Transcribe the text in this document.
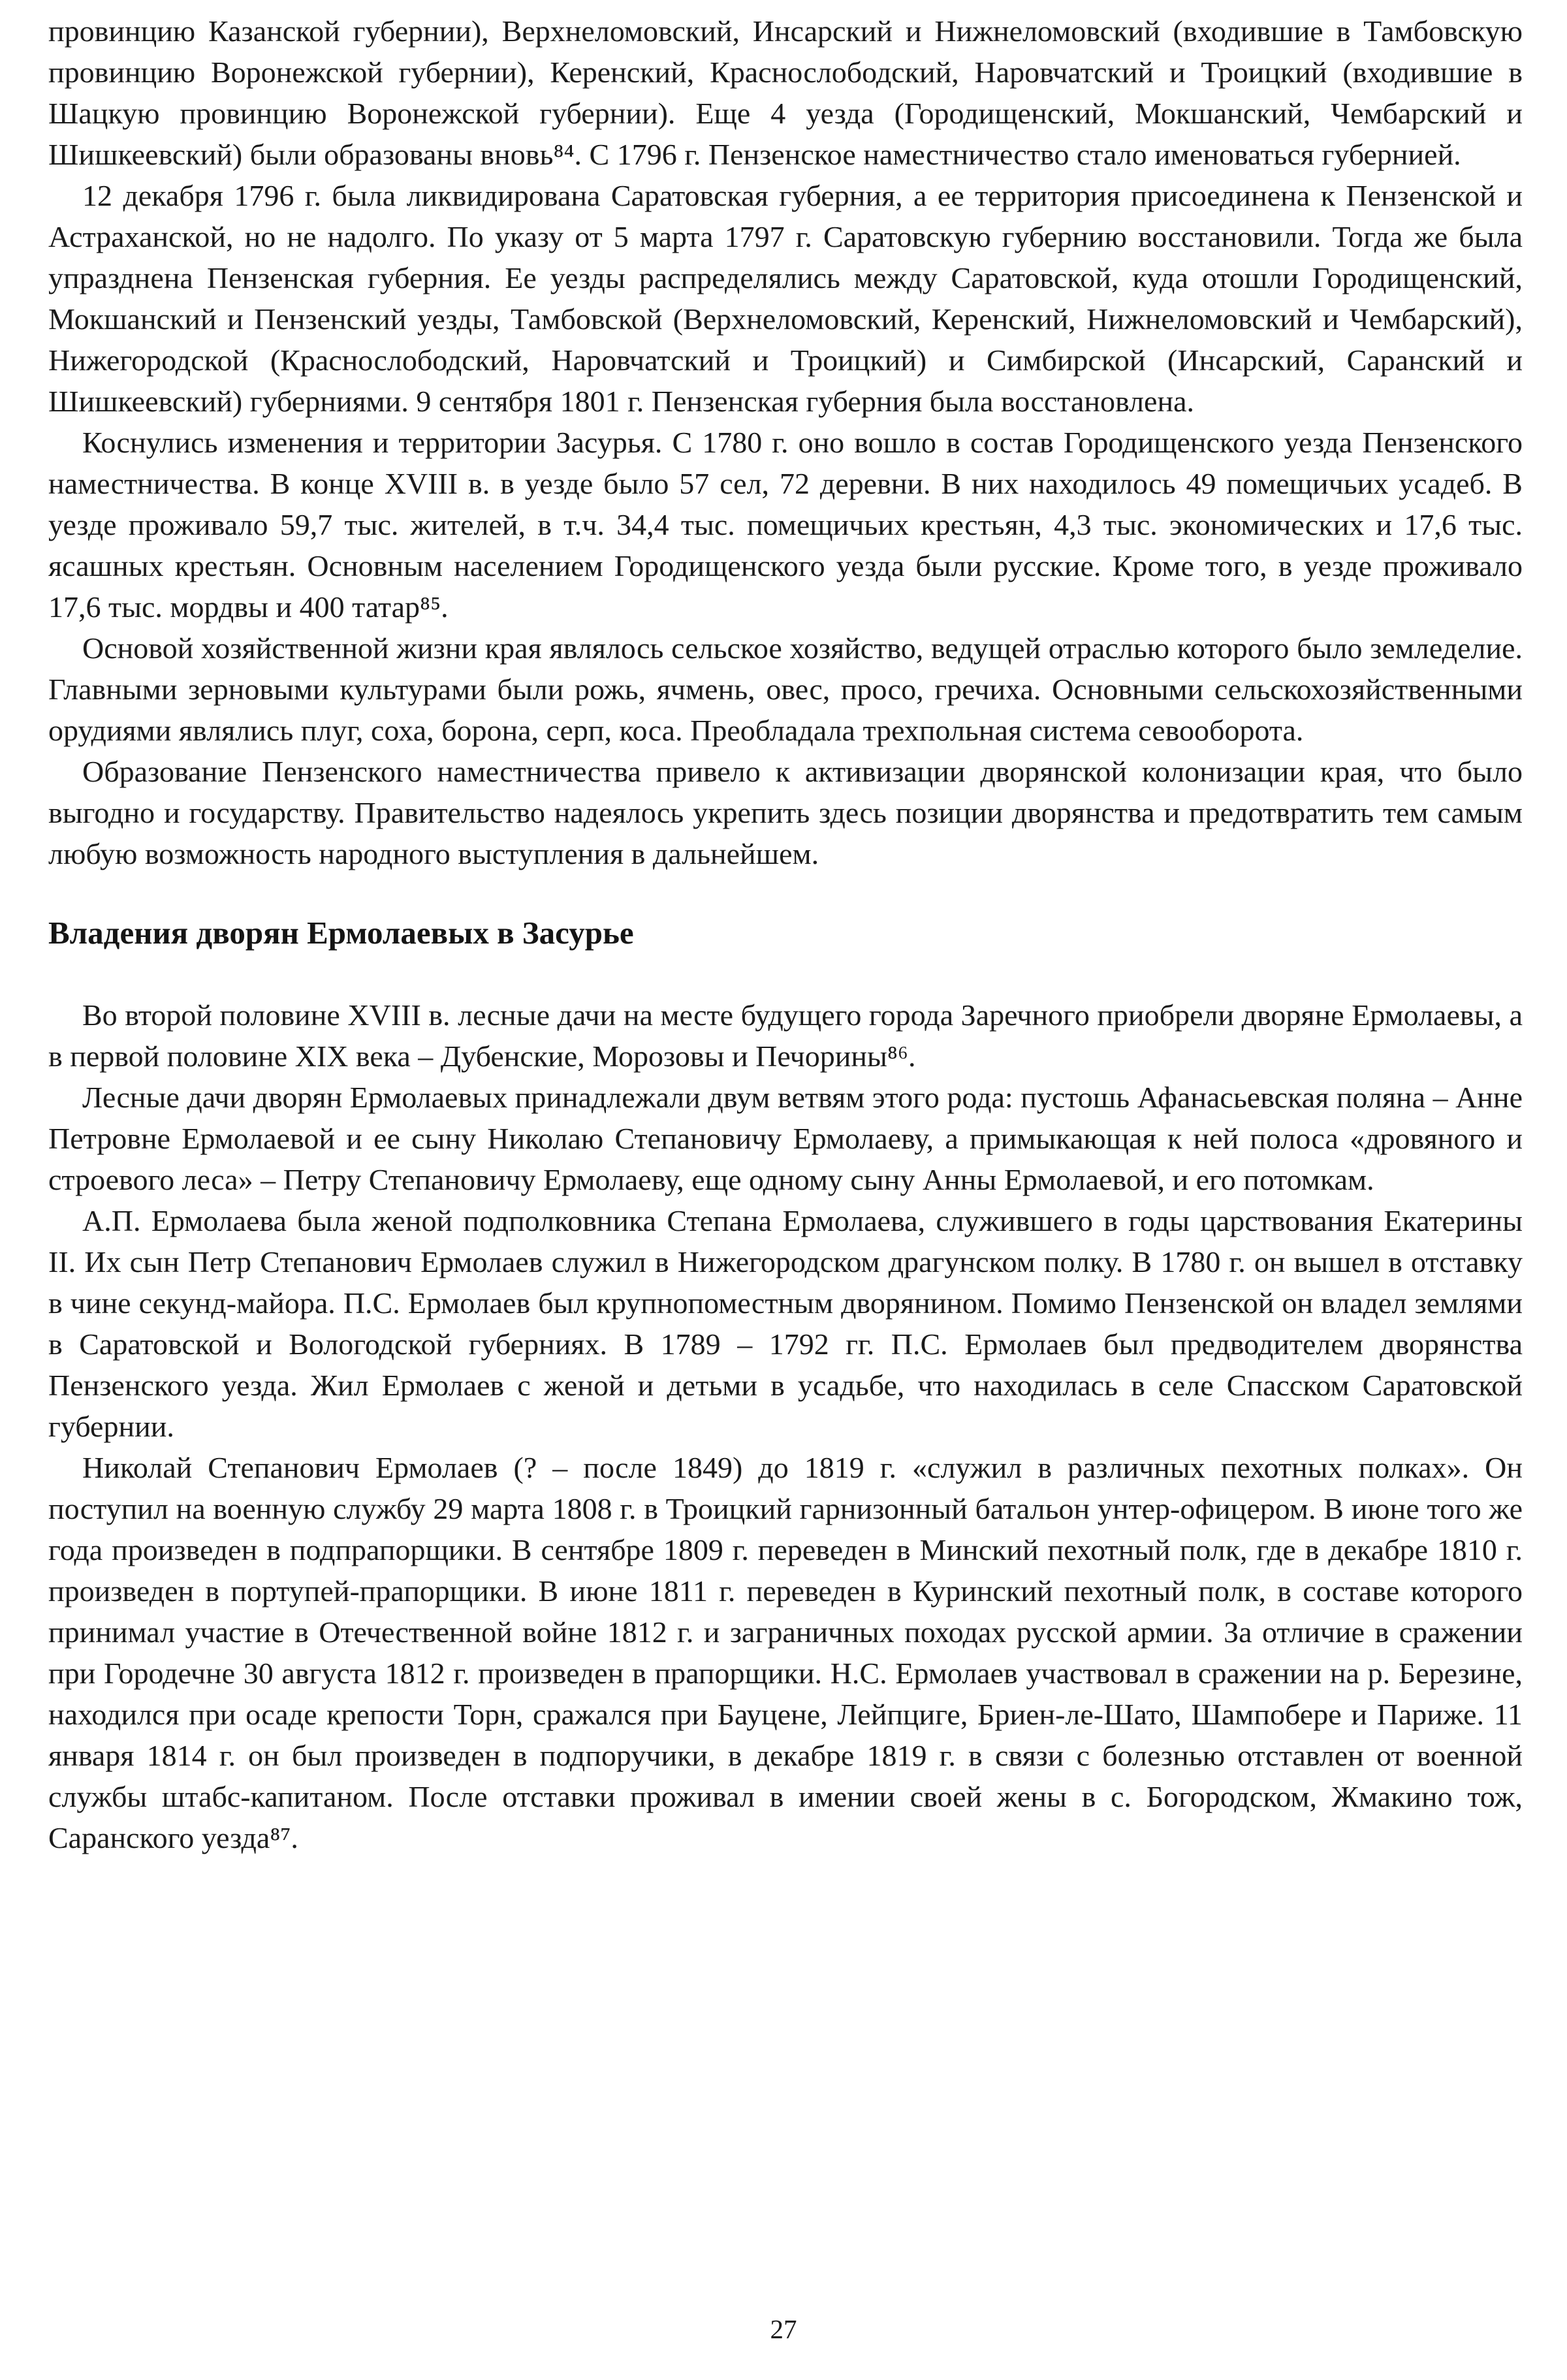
провинцию Казанской губернии), Верхнеломовский, Инсарский и Нижнеломовский (входившие в Тамбовскую провинцию Воронежской губернии), Керенский, Краснослободский, Наровчатский и Троицкий (входившие в Шацкую провинцию Воронежской губернии). Еще 4 уезда (Городищенский, Мокшанский, Чембарский и Шишкеевский) были образованы вновь⁸⁴. С 1796 г. Пензенское наместничество стало именоваться губернией.

12 декабря 1796 г. была ликвидирована Саратовская губерния, а ее территория присоединена к Пензенской и Астраханской, но не надолго. По указу от 5 марта 1797 г. Саратовскую губернию восстановили. Тогда же была упразднена Пензенская губерния. Ее уезды распределялись между Саратовской, куда отошли Городищенский, Мокшанский и Пензенский уезды, Тамбовской (Верхнеломовский, Керенский, Нижнеломовский и Чембарский), Нижегородской (Краснослободский, Наровчатский и Троицкий) и Симбирской (Инсарский, Саранский и Шишкеевский) губерниями. 9 сентября 1801 г. Пензенская губерния была восстановлена.

Коснулись изменения и территории Засурья. С 1780 г. оно вошло в состав Городищенского уезда Пензенского наместничества. В конце XVIII в. в уезде было 57 сел, 72 деревни. В них находилось 49 помещичьих усадеб. В уезде проживало 59,7 тыс. жителей, в т.ч. 34,4 тыс. помещичьих крестьян, 4,3 тыс. экономических и 17,6 тыс. ясашных крестьян. Основным населением Городищенского уезда были русские. Кроме того, в уезде проживало 17,6 тыс. мордвы и 400 татар⁸⁵.

Основой хозяйственной жизни края являлось сельское хозяйство, ведущей отраслью которого было земледелие. Главными зерновыми культурами были рожь, ячмень, овес, просо, гречиха. Основными сельскохозяйственными орудиями являлись плуг, соха, борона, серп, коса. Преобладала трехпольная система севооборота.

Образование Пензенского наместничества привело к активизации дворянской колонизации края, что было выгодно и государству. Правительство надеялось укрепить здесь позиции дворянства и предотвратить тем самым любую возможность народного выступления в дальнейшем.

Владения дворян Ермолаевых в Засурье

Во второй половине XVIII в. лесные дачи на месте будущего города Заречного приобрели дворяне Ермолаевы, а в первой половине XIX века – Дубенские, Морозовы и Печорины⁸⁶.

Лесные дачи дворян Ермолаевых принадлежали двум ветвям этого рода: пустошь Афанасьевская поляна – Анне Петровне Ермолаевой и ее сыну Николаю Степановичу Ермолаеву, а примыкающая к ней полоса «дровяного и строевого леса» – Петру Степановичу Ермолаеву, еще одному сыну Анны Ермолаевой, и его потомкам.

А.П. Ермолаева была женой подполковника Степана Ермолаева, служившего в годы царствования Екатерины II. Их сын Петр Степанович Ермолаев служил в Нижегородском драгунском полку. В 1780 г. он вышел в отставку в чине секунд-майора. П.С. Ермолаев был крупнопоместным дворянином. Помимо Пензенской он владел землями в Саратовской и Вологодской губерниях. В 1789 – 1792 гг. П.С. Ермолаев был предводителем дворянства Пензенского уезда. Жил Ермолаев с женой и детьми в усадьбе, что находилась в селе Спасском Саратовской губернии.

Николай Степанович Ермолаев (? – после 1849) до 1819 г. «служил в различных пехотных полках». Он поступил на военную службу 29 марта 1808 г. в Троицкий гарнизонный батальон унтер-офицером. В июне того же года произведен в подпрапорщики. В сентябре 1809 г. переведен в Минский пехотный полк, где в декабре 1810 г. произведен в портупей-прапорщики. В июне 1811 г. переведен в Куринский пехотный полк, в составе которого принимал участие в Отечественной войне 1812 г. и заграничных походах русской армии. За отличие в сражении при Городечне 30 августа 1812 г. произведен в прапорщики. Н.С. Ермолаев участвовал в сражении на р. Березине, находился при осаде крепости Торн, сражался при Бауцене, Лейпциге, Бриен-ле-Шато, Шампобере и Париже. 11 января 1814 г. он был произведен в подпоручики, в декабре 1819 г. в связи с болезнью отставлен от военной службы штабс-капитаном. После отставки проживал в имении своей жены в с. Богородском, Жмакино тож, Саранского уезда⁸⁷.

27
